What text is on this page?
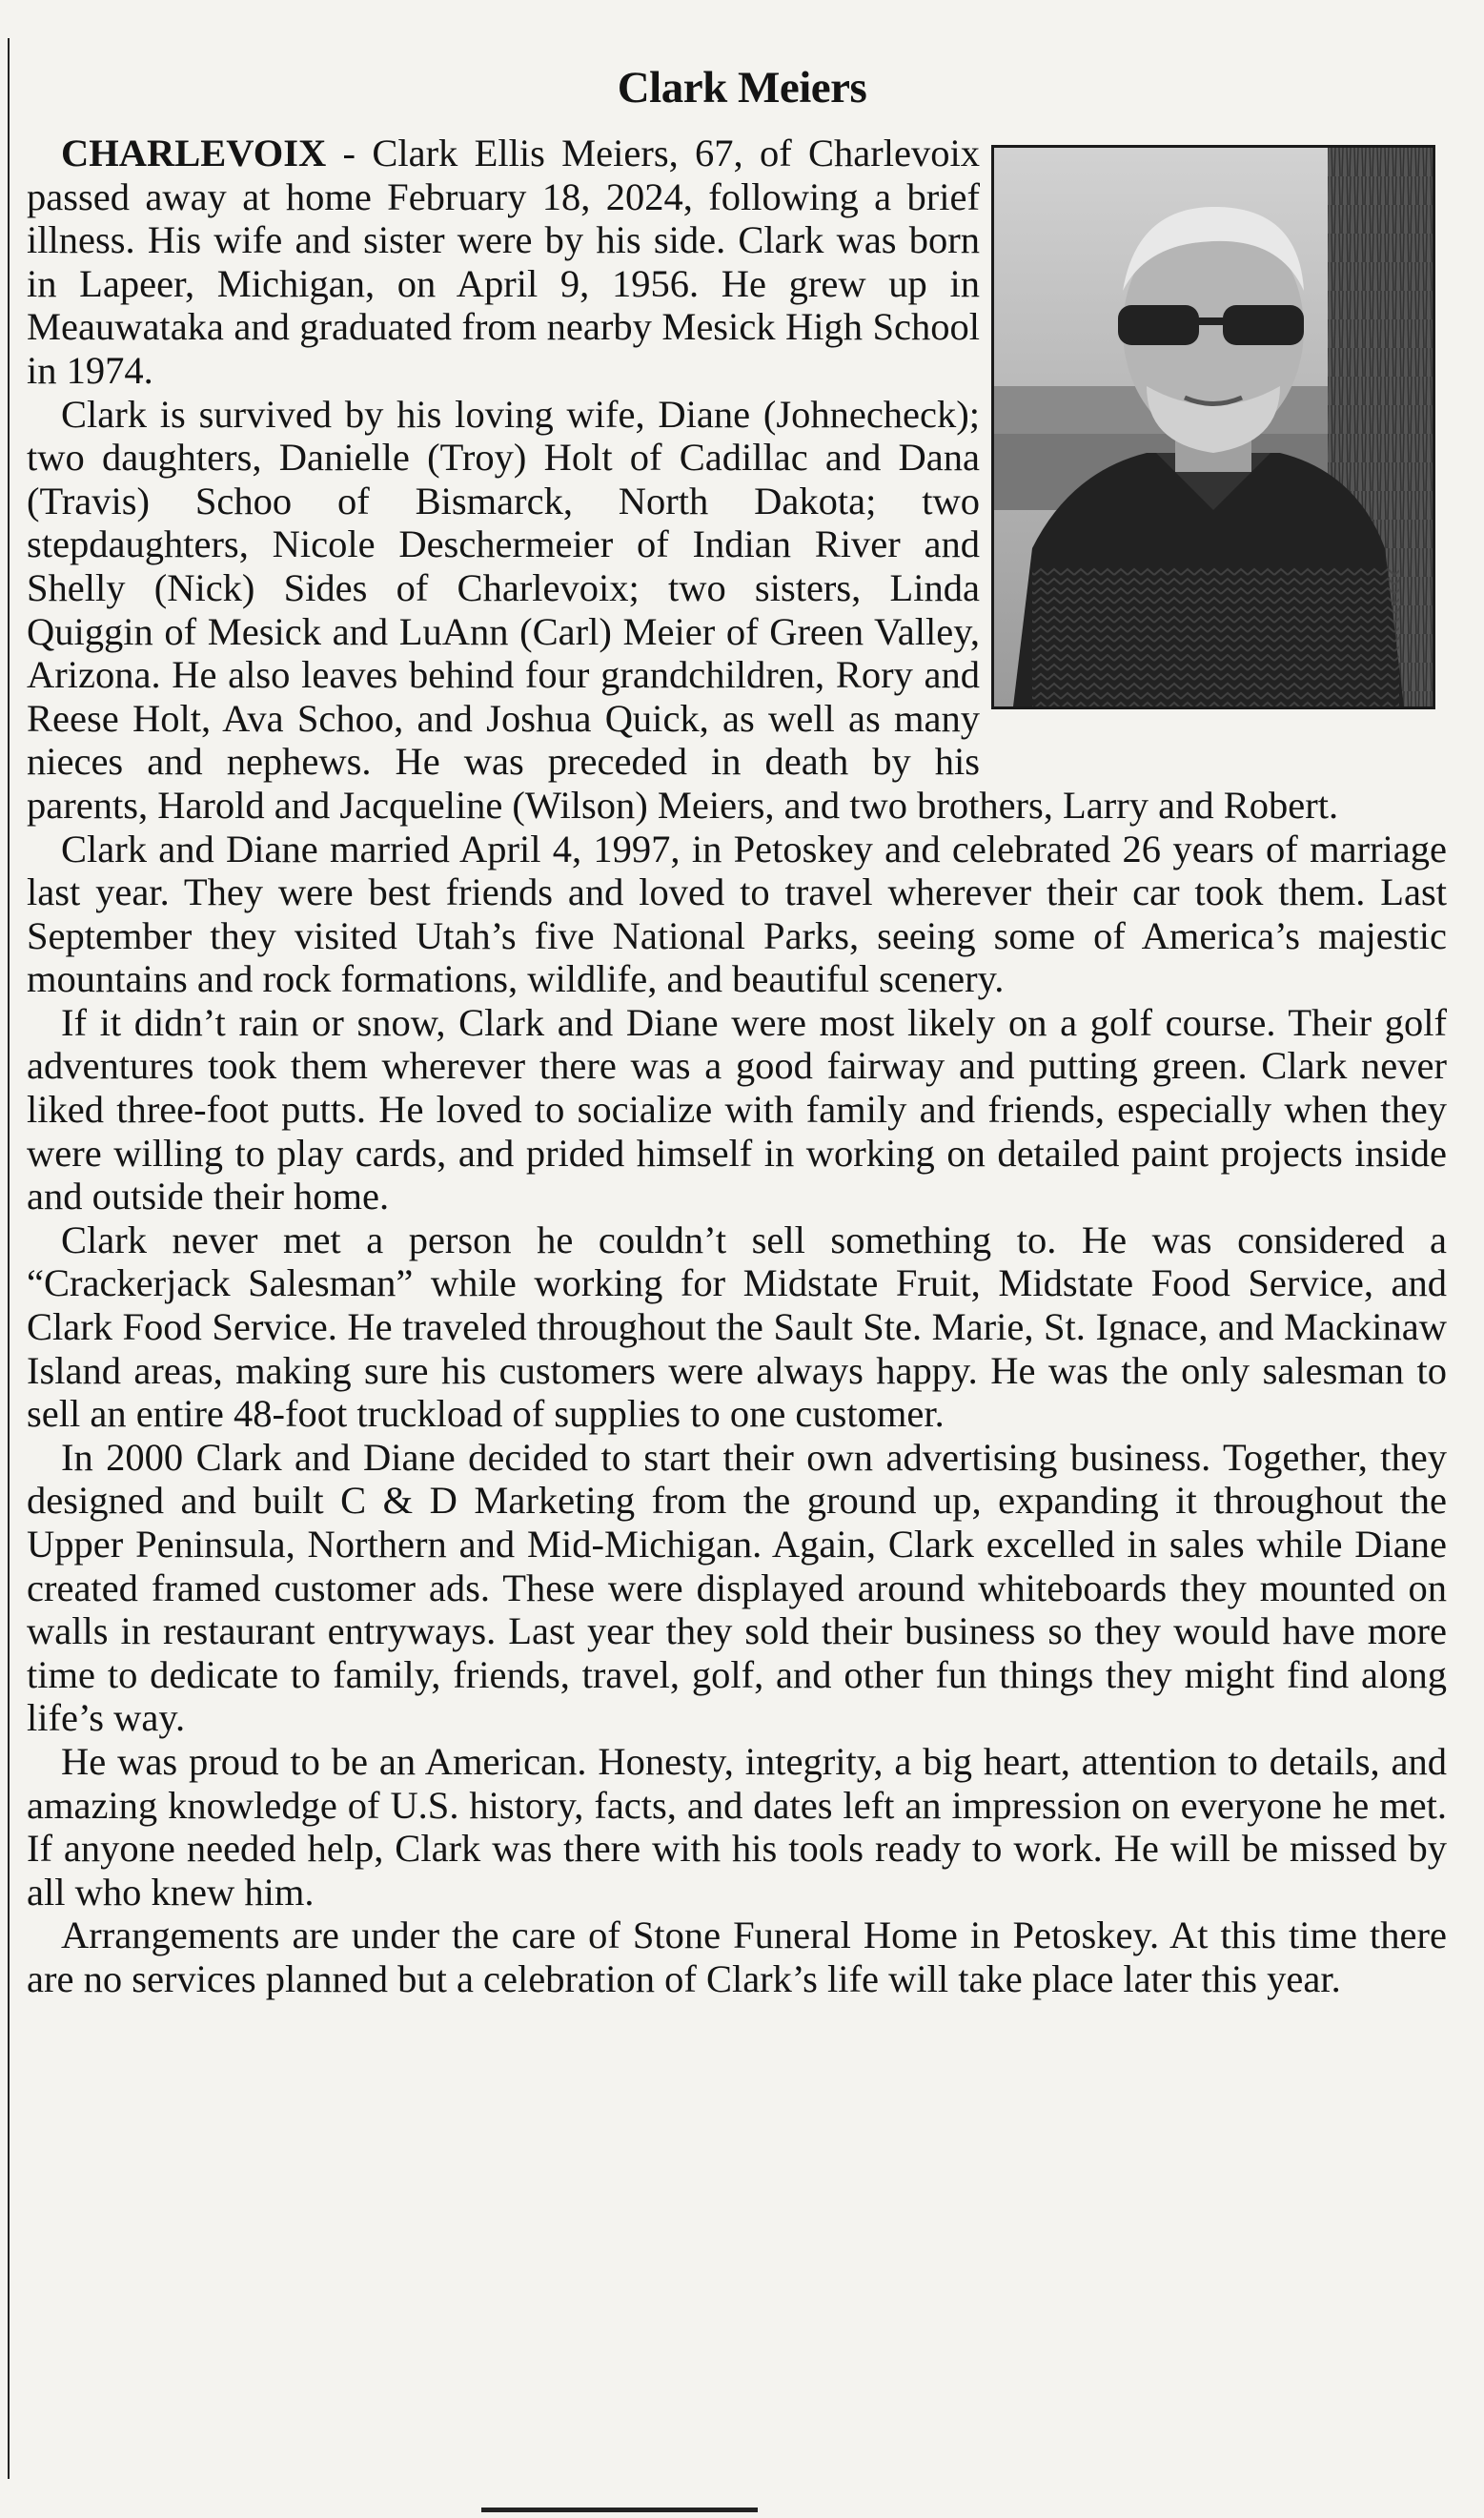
Clark Meiers

CHARLEVOIX - Clark Ellis Meiers, 67, of Charlevoix passed away at home February 18, 2024, following a brief illness. His wife and sister were by his side. Clark was born in Lapeer, Michigan, on April 9, 1956. He grew up in Meauwataka and graduated from nearby Mesick High School in 1974.

Clark is survived by his loving wife, Diane (Johnecheck); two daughters, Danielle (Troy) Holt of Cadillac and Dana (Travis) Schoo of Bismarck, North Dakota; two stepdaughters, Nicole Deschermeier of Indian River and Shelly (Nick) Sides of Charlevoix; two sisters, Linda Quiggin of Mesick and LuAnn (Carl) Meier of Green Valley, Arizona. He also leaves behind four grandchildren, Rory and Reese Holt, Ava Schoo, and Joshua Quick, as well as many nieces and nephews. He was preceded in death by his parents, Harold and Jacqueline (Wilson) Meiers, and two brothers, Larry and Robert.

Clark and Diane married April 4, 1997, in Petoskey and celebrated 26 years of marriage last year. They were best friends and loved to travel wherever their car took them. Last September they visited Utah’s five National Parks, seeing some of America’s majestic mountains and rock formations, wildlife, and beautiful scenery.

If it didn’t rain or snow, Clark and Diane were most likely on a golf course. Their golf adventures took them wherever there was a good fairway and putting green. Clark never liked three-foot putts. He loved to socialize with family and friends, especially when they were willing to play cards, and prided himself in working on detailed paint projects inside and outside their home.

Clark never met a person he couldn’t sell something to. He was considered a “Crackerjack Salesman” while working for Midstate Fruit, Midstate Food Service, and Clark Food Service. He traveled throughout the Sault Ste. Marie, St. Ignace, and Mackinaw Island areas, making sure his customers were always happy. He was the only salesman to sell an entire 48-foot truckload of supplies to one customer.

In 2000 Clark and Diane decided to start their own advertising business. Together, they designed and built C & D Marketing from the ground up, expanding it throughout the Upper Peninsula, Northern and Mid-Michigan. Again, Clark excelled in sales while Diane created framed customer ads. These were displayed around whiteboards they mounted on walls in restaurant entryways. Last year they sold their business so they would have more time to dedicate to family, friends, travel, golf, and other fun things they might find along life’s way.

He was proud to be an American. Honesty, integrity, a big heart, attention to details, and amazing knowledge of U.S. history, facts, and dates left an impression on everyone he met. If anyone needed help, Clark was there with his tools ready to work. He will be missed by all who knew him.

Arrangements are under the care of Stone Funeral Home in Petoskey. At this time there are no services planned but a celebration of Clark’s life will take place later this year.
